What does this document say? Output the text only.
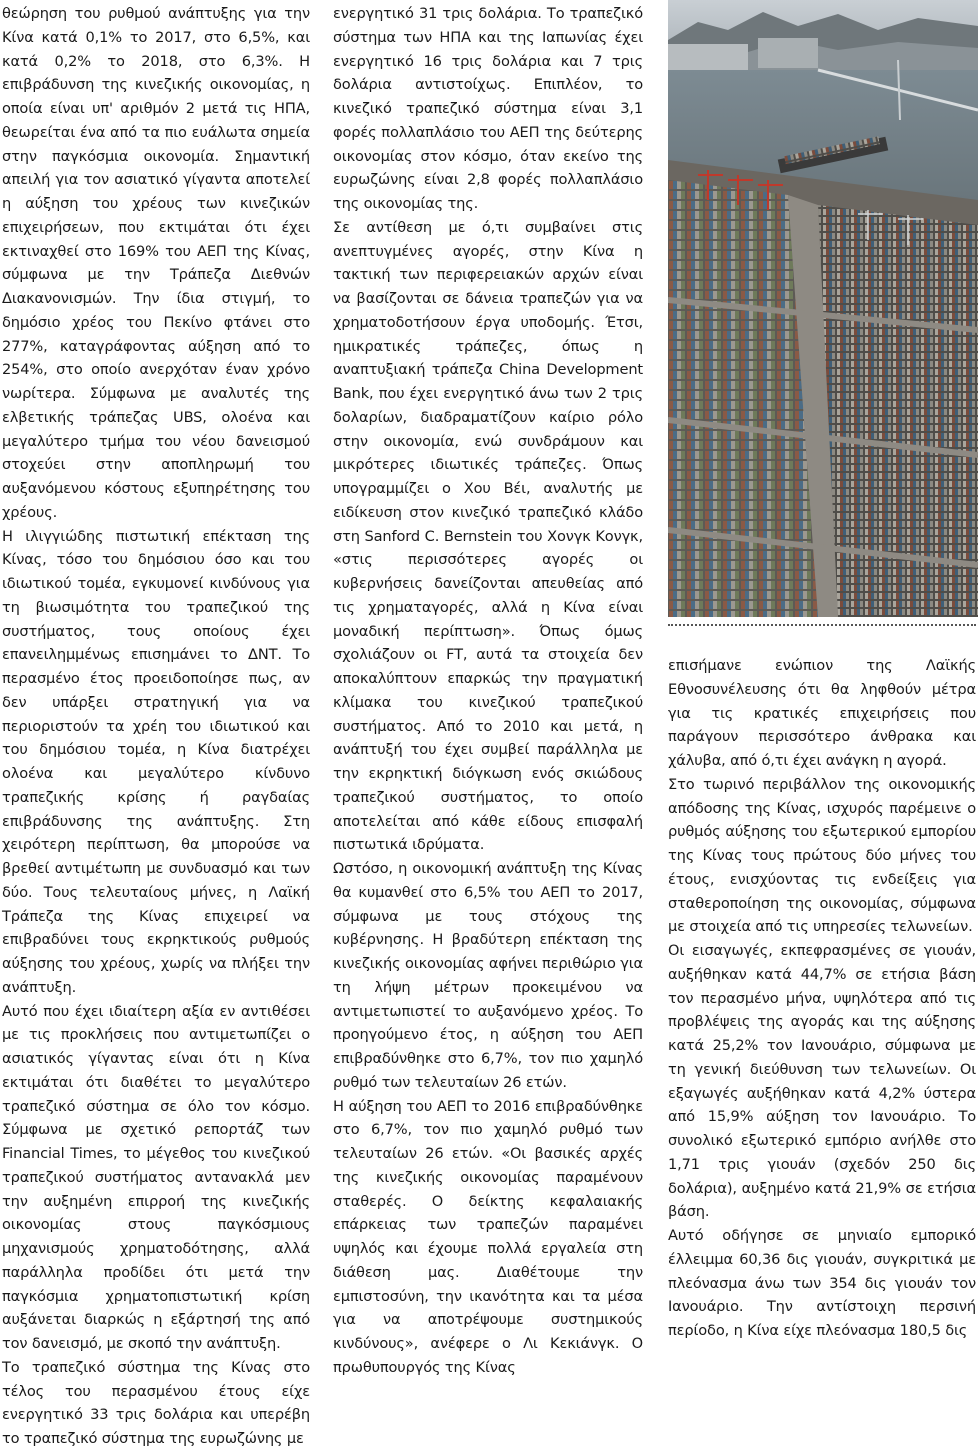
θεώρηση του ρυθμού ανάπτυξης για την Κίνα κατά 0,1% το 2017, στο 6,5%, και κατά 0,2% το 2018, στο 6,3%. Η επιβράδυνση της κινεζικής οικονομίας, η οποία είναι υπ' αριθμόν 2 μετά τις ΗΠΑ, θεωρείται ένα από τα πιο ευάλωτα σημεία στην παγκόσμια οικονομία. Σημαντική απειλή για τον ασιατικό γίγαντα αποτελεί η αύξηση του χρέους των κινεζικών επιχειρήσεων, που εκτιμάται ότι έχει εκτιναχθεί στο 169% του ΑΕΠ της Κίνας, σύμφωνα με την Τράπεζα Διεθνών Διακανονισμών. Την ίδια στιγμή, το δημόσιο χρέος του Πεκίνο φτάνει στο 277%, καταγράφοντας αύξηση από το 254%, στο οποίο ανερχόταν έναν χρόνο νωρίτερα. Σύμφωνα με αναλυτές της ελβετικής τράπεζας UBS, ολοένα και μεγαλύτερο τμήμα του νέου δανεισμού στοχεύει στην αποπληρωμή του αυξανόμενου κόστους εξυπηρέτησης του χρέους.

Η ιλιγγιώδης πιστωτική επέκταση της Κίνας, τόσο του δημόσιου όσο και του ιδιωτικού τομέα, εγκυμονεί κινδύνους για τη βιωσιμότητα του τραπεζικού της συστήματος, τους οποίους έχει επανειλημμένως επισημάνει το ΔΝΤ. Το περασμένο έτος προειδοποίησε πως, αν δεν υπάρξει στρατηγική για να περιοριστούν τα χρέη του ιδιωτικού και του δημόσιου τομέα, η Κίνα διατρέχει ολοένα και μεγαλύτερο κίνδυνο τραπεζικής κρίσης ή ραγδαίας επιβράδυνσης της ανάπτυξης. Στη χειρότερη περίπτωση, θα μπορούσε να βρεθεί αντιμέτωπη με συνδυασμό και των δύο. Τους τελευταίους μήνες, η Λαϊκή Τράπεζα της Κίνας επιχειρεί να επιβραδύνει τους εκρηκτικούς ρυθμούς αύξησης του χρέους, χωρίς να πλήξει την ανάπτυξη.

Αυτό που έχει ιδιαίτερη αξία εν αντιθέσει με τις προκλήσεις που αντιμετωπίζει ο ασιατικός γίγαντας είναι ότι η Κίνα εκτιμάται ότι διαθέτει το μεγαλύτερο τραπεζικό σύστημα σε όλο τον κόσμο. Σύμφωνα με σχετικό ρεπορτάζ των Financial Times, το μέγεθος του κινεζικού τραπεζικού συστήματος αντανακλά μεν την αυξημένη επιρροή της κινεζικής οικονομίας στους παγκόσμιους μηχανισμούς χρηματοδότησης, αλλά παράλληλα προδίδει ότι μετά την παγκόσμια χρηματοπιστωτική κρίση αυξάνεται διαρκώς η εξάρτησή της από τον δανεισμό, με σκοπό την ανάπτυξη.

Το τραπεζικό σύστημα της Κίνας στο τέλος του περασμένου έτους είχε ενεργητικό 33 τρις δολάρια και υπερέβη το τραπεζικό σύστημα της ευρωζώνης με

ενεργητικό 31 τρις δολάρια. Το τραπεζικό σύστημα των ΗΠΑ και της Ιαπωνίας έχει ενεργητικό 16 τρις δολάρια και 7 τρις δολάρια αντιστοίχως. Επιπλέον, το κινεζικό τραπεζικό σύστημα είναι 3,1 φορές πολλαπλάσιο του ΑΕΠ της δεύτερης οικονομίας στον κόσμο, όταν εκείνο της ευρωζώνης είναι 2,8 φορές πολλαπλάσιο της οικονομίας της.

Σε αντίθεση με ό,τι συμβαίνει στις ανεπτυγμένες αγορές, στην Κίνα η τακτική των περιφερειακών αρχών είναι να βασίζονται σε δάνεια τραπεζών για να χρηματοδοτήσουν έργα υποδομής. Έτσι, ημικρατικές τράπεζες, όπως η αναπτυξιακή τράπεζα China Development Bank, που έχει ενεργητικό άνω των 2 τρις δολαρίων, διαδραματίζουν καίριο ρόλο στην οικονομία, ενώ συνδράμουν και μικρότερες ιδιωτικές τράπεζες. Όπως υπογραμμίζει ο Χου Βέι, αναλυτής με ειδίκευση στον κινεζικό τραπεζικό κλάδο στη Sanford C. Bernstein του Χονγκ Κονγκ, «στις περισσότερες αγορές οι κυβερνήσεις δανείζονται απευθείας από τις χρηματαγορές, αλλά η Κίνα είναι μοναδική περίπτωση». Όπως όμως σχολιάζουν οι FT, αυτά τα στοιχεία δεν αποκαλύπτουν επαρκώς την πραγματική κλίμακα του κινεζικού τραπεζικού συστήματος. Από το 2010 και μετά, η ανάπτυξή του έχει συμβεί παράλληλα με την εκρηκτική διόγκωση ενός σκιώδους τραπεζικού συστήματος, το οποίο αποτελείται από κάθε είδους επισφαλή πιστωτικά ιδρύματα.

Ωστόσο, η οικονομική ανάπτυξη της Κίνας θα κυμανθεί στο 6,5% του ΑΕΠ το 2017, σύμφωνα με τους στόχους της κυβέρνησης. Η βραδύτερη επέκταση της κινεζικής οικονομίας αφήνει περιθώριο για τη λήψη μέτρων προκειμένου να αντιμετωπιστεί το αυξανόμενο χρέος. Το προηγούμενο έτος, η αύξηση του ΑΕΠ επιβραδύνθηκε στο 6,7%, τον πιο χαμηλό ρυθμό των τελευταίων 26 ετών.

Η αύξηση του ΑΕΠ το 2016 επιβραδύνθηκε στο 6,7%, τον πιο χαμηλό ρυθμό των τελευταίων 26 ετών. «Οι βασικές αρχές της κινεζικής οικονομίας παραμένουν σταθερές. Ο δείκτης κεφαλαιακής επάρκειας των τραπεζών παραμένει υψηλός και έχουμε πολλά εργαλεία στη διάθεση μας. Διαθέτουμε την εμπιστοσύνη, την ικανότητα και τα μέσα για να αποτρέψουμε συστημικούς κινδύνους», ανέφερε ο Λι Κεκιάνγκ. Ο πρωθυπουργός της Κίνας

επισήμανε ενώπιον της Λαϊκής Εθνοσυνέλευσης ότι θα ληφθούν μέτρα για τις κρατικές επιχειρήσεις που παράγουν περισσότερο άνθρακα και χάλυβα, από ό,τι έχει ανάγκη η αγορά.

Στο τωρινό περιβάλλον της οικονομικής απόδοσης της Κίνας, ισχυρός παρέμεινε ο ρυθμός αύξησης του εξωτερικού εμπορίου της Κίνας τους πρώτους δύο μήνες του έτους, ενισχύοντας τις ενδείξεις για σταθεροποίηση της οικονομίας, σύμφωνα με στοιχεία από τις υπηρεσίες τελωνείων.

Οι εισαγωγές, εκπεφρασμένες σε γιουάν, αυξήθηκαν κατά 44,7% σε ετήσια βάση τον περασμένο μήνα, υψηλότερα από τις προβλέψεις της αγοράς και της αύξησης κατά 25,2% τον Ιανουάριο, σύμφωνα με τη γενική διεύθυνση των τελωνείων. Οι εξαγωγές αυξήθηκαν κατά 4,2% ύστερα από 15,9% αύξηση τον Ιανουάριο. Το συνολικό εξωτερικό εμπόριο ανήλθε στο 1,71 τρις γιουάν (σχεδόν 250 δις δολάρια), αυξημένο κατά 21,9% σε ετήσια βάση.

Αυτό οδήγησε σε μηνιαίο εμπορικό έλλειμμα 60,36 δις γιουάν, συγκριτικά με πλεόνασμα άνω των 354 δις γιουάν τον Ιανουάριο. Την αντίστοιχη περσινή περίοδο, η Κίνα είχε πλεόνασμα 180,5 δις
